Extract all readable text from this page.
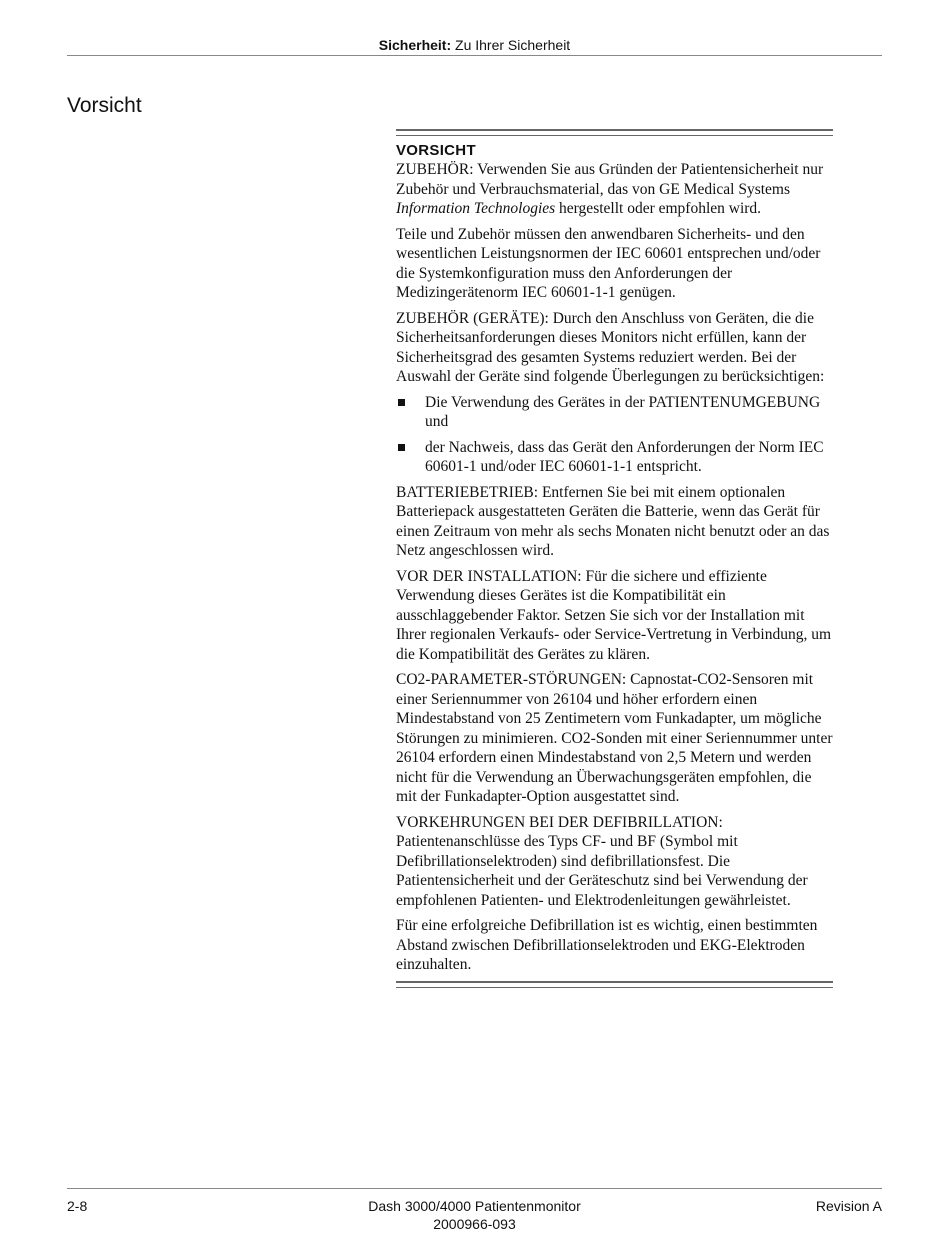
Sicherheit: Zu Ihrer Sicherheit
Vorsicht
VORSICHT

ZUBEHÖR: Verwenden Sie aus Gründen der Patientensicherheit nur Zubehör und Verbrauchsmaterial, das von GE Medical Systems Information Technologies hergestellt oder empfohlen wird.

Teile und Zubehör müssen den anwendbaren Sicherheits- und den wesentlichen Leistungsnormen der IEC 60601 entsprechen und/oder die Systemkonfiguration muss den Anforderungen der Medizingerätenorm IEC 60601-1-1 genügen.

ZUBEHÖR (GERÄTE): Durch den Anschluss von Geräten, die die Sicherheitsanforderungen dieses Monitors nicht erfüllen, kann der Sicherheitsgrad des gesamten Systems reduziert werden. Bei der Auswahl der Geräte sind folgende Überlegungen zu berücksichtigen:

Die Verwendung des Gerätes in der PATIENTENUMGEBUNG und
der Nachweis, dass das Gerät den Anforderungen der Norm IEC 60601-1 und/oder IEC 60601-1-1 entspricht.

BATTERIEBETRIEB: Entfernen Sie bei mit einem optionalen Batteriepack ausgestatteten Geräten die Batterie, wenn das Gerät für einen Zeitraum von mehr als sechs Monaten nicht benutzt oder an das Netz angeschlossen wird.

VOR DER INSTALLATION: Für die sichere und effiziente Verwendung dieses Gerätes ist die Kompatibilität ein ausschlaggebender Faktor. Setzen Sie sich vor der Installation mit Ihrer regionalen Verkaufs- oder Service-Vertretung in Verbindung, um die Kompatibilität des Gerätes zu klären.

CO2-PARAMETER-STÖRUNGEN: Capnostat-CO2-Sensoren mit einer Seriennummer von 26104 und höher erfordern einen Mindestabstand von 25 Zentimetern vom Funkadapter, um mögliche Störungen zu minimieren. CO2-Sonden mit einer Seriennummer unter 26104 erfordern einen Mindestabstand von 2,5 Metern und werden nicht für die Verwendung an Überwachungsgeräten empfohlen, die mit der Funkadapter-Option ausgestattet sind.

VORKEHRUNGEN BEI DER DEFIBRILLATION: Patientenanschlüsse des Typs CF- und BF (Symbol mit Defibrillationselektroden) sind defibrillationsfest. Die Patientensicherheit und der Geräteschutz sind bei Verwendung der empfohlenen Patienten- und Elektrodenleitungen gewährleistet.

Für eine erfolgreiche Defibrillation ist es wichtig, einen bestimmten Abstand zwischen Defibrillationselektroden und EKG-Elektroden einzuhalten.

2-8	Dash 3000/4000 Patientenmonitor
2000966-093
Revision A
